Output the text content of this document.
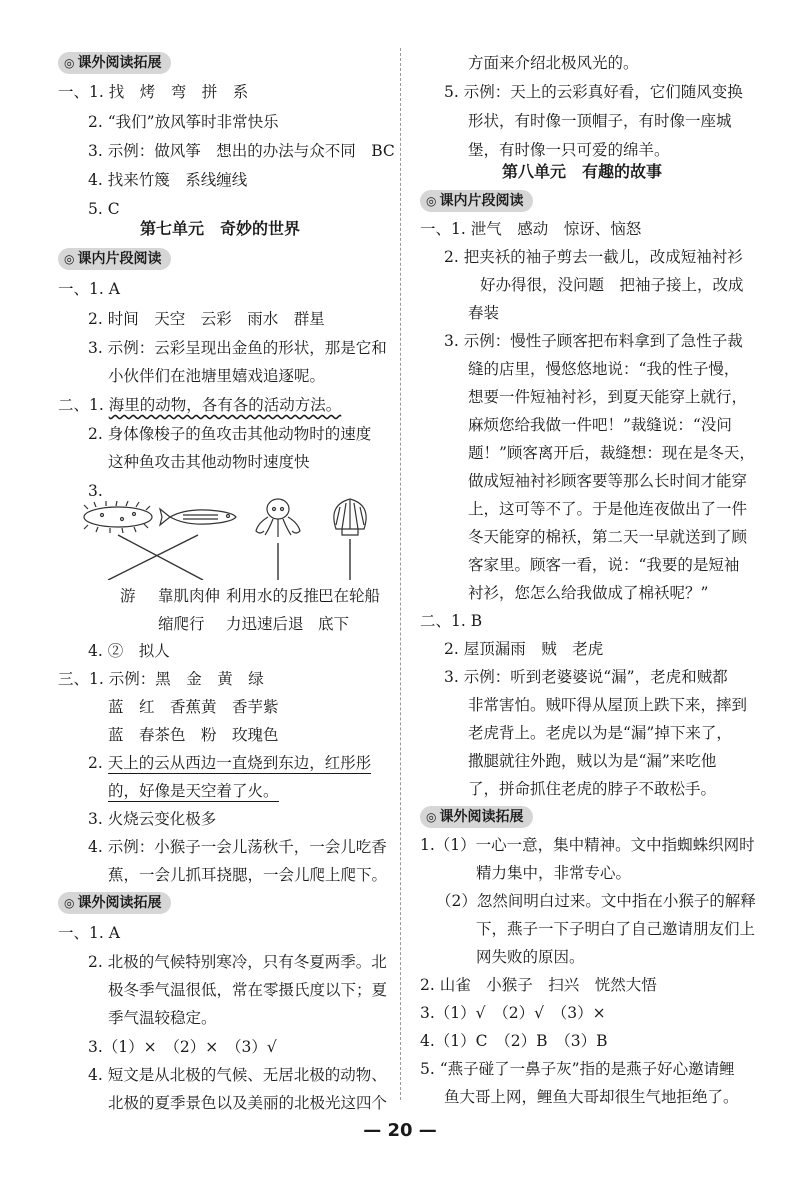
◎ 课外阅读拓展
一、1. 找　烤　弯　拼　系
2. “我们”放风筝时非常快乐
3. 示例：做风筝　想出的办法与众不同　BC
4. 找来竹篾　系线缠线
5. C
第七单元　奇妙的世界
◎ 课内片段阅读
一、1. A
2. 时间　天空　云彩　雨水　群星
3. 示例：云彩呈现出金鱼的形状，那是它和
小伙伴们在池塘里嬉戏追逐呢。
二、1. 海里的动物，各有各的活动方法。
2. 身体像梭子的鱼攻击其他动物时的速度
这种鱼攻击其他动物时速度快
3.
游 靠肌肉伸
缩爬行
利用水的反推
力迅速后退
巴在轮船
底下
4. ②　拟人
三、1. 示例：黑　金　黄　绿
蓝　红　香蕉黄　香芋紫
蓝　春茶色　粉　玫瑰色
2. 天上的云从西边一直烧到东边，红彤彤
的，好像是天空着了火。
3. 火烧云变化极多
4. 示例：小猴子一会儿荡秋千，一会儿吃香
蕉，一会儿抓耳挠腮，一会儿爬上爬下。
◎ 课外阅读拓展
一、1. A
2. 北极的气候特别寒冷，只有冬夏两季。北
极冬季气温很低，常在零摄氏度以下；夏
季气温较稳定。
3.（1）×　（2）×　（3）√
4. 短文是从北极的气候、无居北极的动物、
北极的夏季景色以及美丽的北极光这四个
方面来介绍北极风光的。
5. 示例：天上的云彩真好看，它们随风变换
形状，有时像一顶帽子，有时像一座城
堡，有时像一只可爱的绵羊。
第八单元　有趣的故事
◎ 课内片段阅读
一、1. 泄气　感动　惊讶、恼怒
2. 把夹袄的袖子剪去一截儿，改成短袖衬衫
好办得很，没问题　把袖子接上，改成
春装
3. 示例：慢性子顾客把布料拿到了急性子裁
缝的店里，慢悠悠地说：“我的性子慢，
想要一件短袖衬衫，到夏天能穿上就行，
麻烦您给我做一件吧！”裁缝说：“没问
题！”顾客离开后，裁缝想：现在是冬天，
做成短袖衬衫顾客要等那么长时间才能穿
上，这可等不了。于是他连夜做出了一件
冬天能穿的棉袄，第二天一早就送到了顾
客家里。顾客一看，说：“我要的是短袖
衬衫，您怎么给我做成了棉袄呢？”
二、1. B
2. 屋顶漏雨　贼　老虎
3. 示例：听到老婆婆说“漏”，老虎和贼都
非常害怕。贼吓得从屋顶上跌下来，摔到
老虎背上。老虎以为是“漏”掉下来了，
撒腿就往外跑，贼以为是“漏”来吃他
了，拼命抓住老虎的脖子不敢松手。
◎ 课外阅读拓展
1.（1）一心一意，集中精神。文中指蜘蛛织网时
精力集中，非常专心。
（2）忽然间明白过来。文中指在小猴子的解释
下，燕子一下子明白了自己邀请朋友们上
网失败的原因。
2. 山雀　小猴子　扫兴　恍然大悟
3.（1）√　（2）√　（3）×
4.（1）C　（2）B　（3）B
5. “燕子碰了一鼻子灰”指的是燕子好心邀请鲤
鱼大哥上网，鲤鱼大哥却很生气地拒绝了。
— 20 —
